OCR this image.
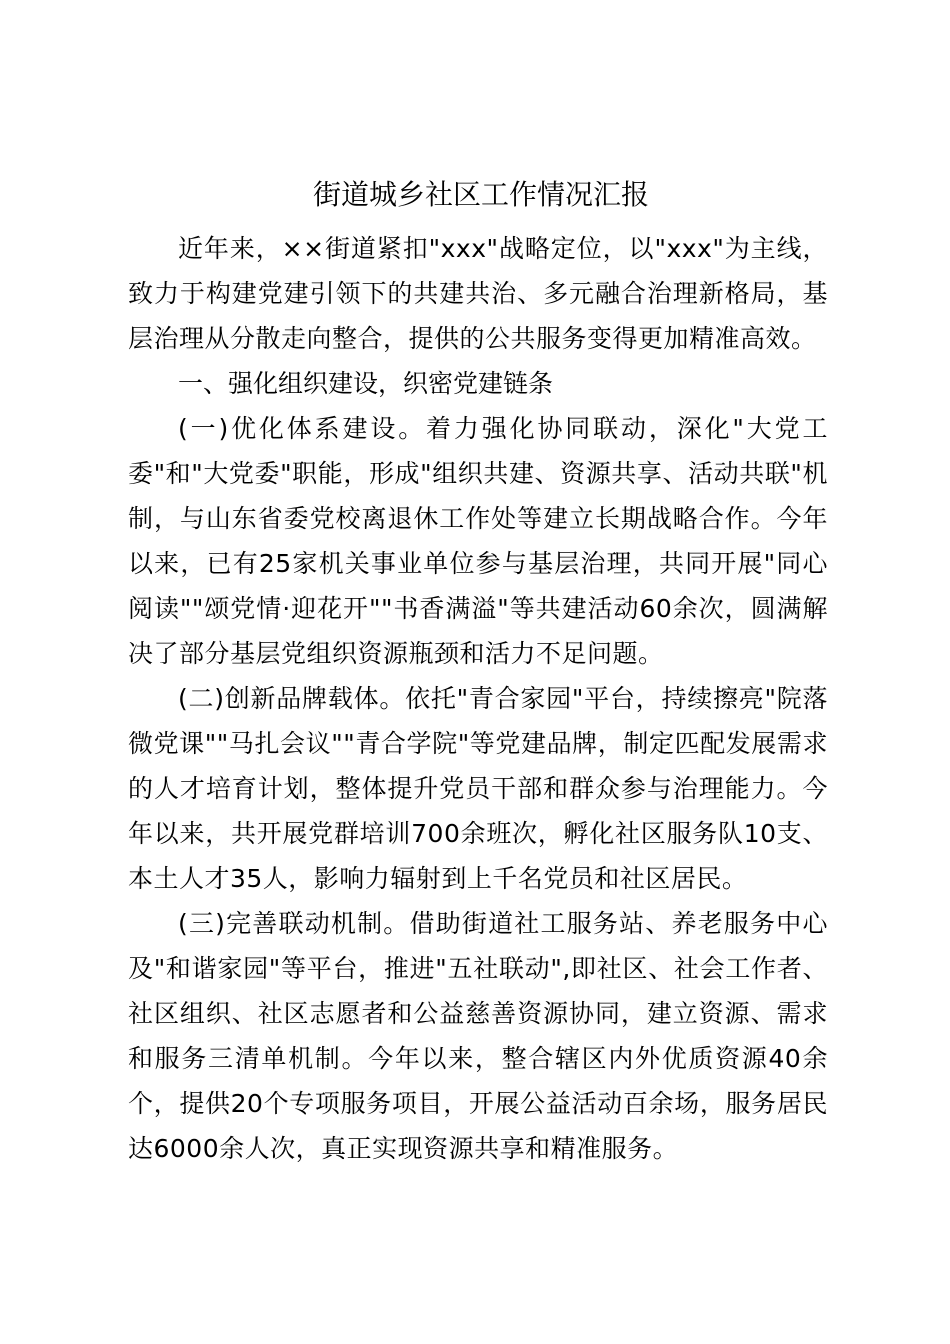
街道城乡社区工作情况汇报

近年来，××街道紧扣"xxx"战略定位，以"xxx"为主线，致力于构建党建引领下的共建共治、多元融合治理新格局，基层治理从分散走向整合，提供的公共服务变得更加精准高效。

一、强化组织建设，织密党建链条

(一)优化体系建设。着力强化协同联动，深化"大党工委"和"大党委"职能，形成"组织共建、资源共享、活动共联"机制，与山东省委党校离退休工作处等建立长期战略合作。今年以来，已有25家机关事业单位参与基层治理，共同开展"同心阅读""颂党情·迎花开""书香满溢"等共建活动60余次，圆满解决了部分基层党组织资源瓶颈和活力不足问题。

(二)创新品牌载体。依托"青合家园"平台，持续擦亮"院落微党课""马扎会议""青合学院"等党建品牌，制定匹配发展需求的人才培育计划，整体提升党员干部和群众参与治理能力。今年以来，共开展党群培训700余班次，孵化社区服务队10支、本土人才35人，影响力辐射到上千名党员和社区居民。

(三)完善联动机制。借助街道社工服务站、养老服务中心及"和谐家园"等平台，推进"五社联动",即社区、社会工作者、社区组织、社区志愿者和公益慈善资源协同，建立资源、需求和服务三清单机制。今年以来，整合辖区内外优质资源40余个，提供20个专项服务项目，开展公益活动百余场，服务居民达6000余人次，真正实现资源共享和精准服务。
